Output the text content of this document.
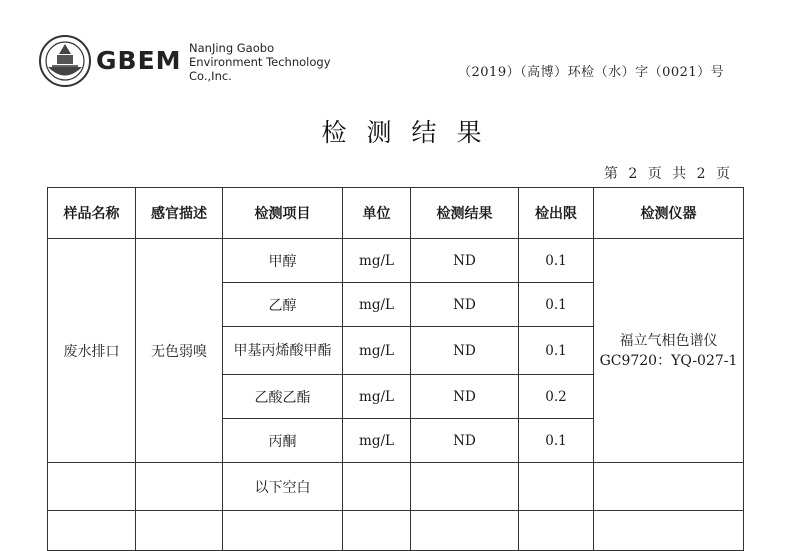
GBEM NanJing Gaobo
Environment Technology
Co.,Inc.	（2019）（高博）环检（水）字（0021）号
检测结果
第 2 页 共 2 页
样品名称	感官描述	检测项目	单位	检测结果	检出限	检测仪器
废水排口	无色弱嗅	甲醇	mg/L	ND	0.1	福立气相色谱仪
GC9720：YQ-027-1

		乙醇	mg/L	ND	0.1	
		甲基丙烯酸甲酯	mg/L	ND	0.1	
		乙酸乙酯	mg/L	ND	0.2	
		丙酮	mg/L	ND	0.1	
		以下空白				
